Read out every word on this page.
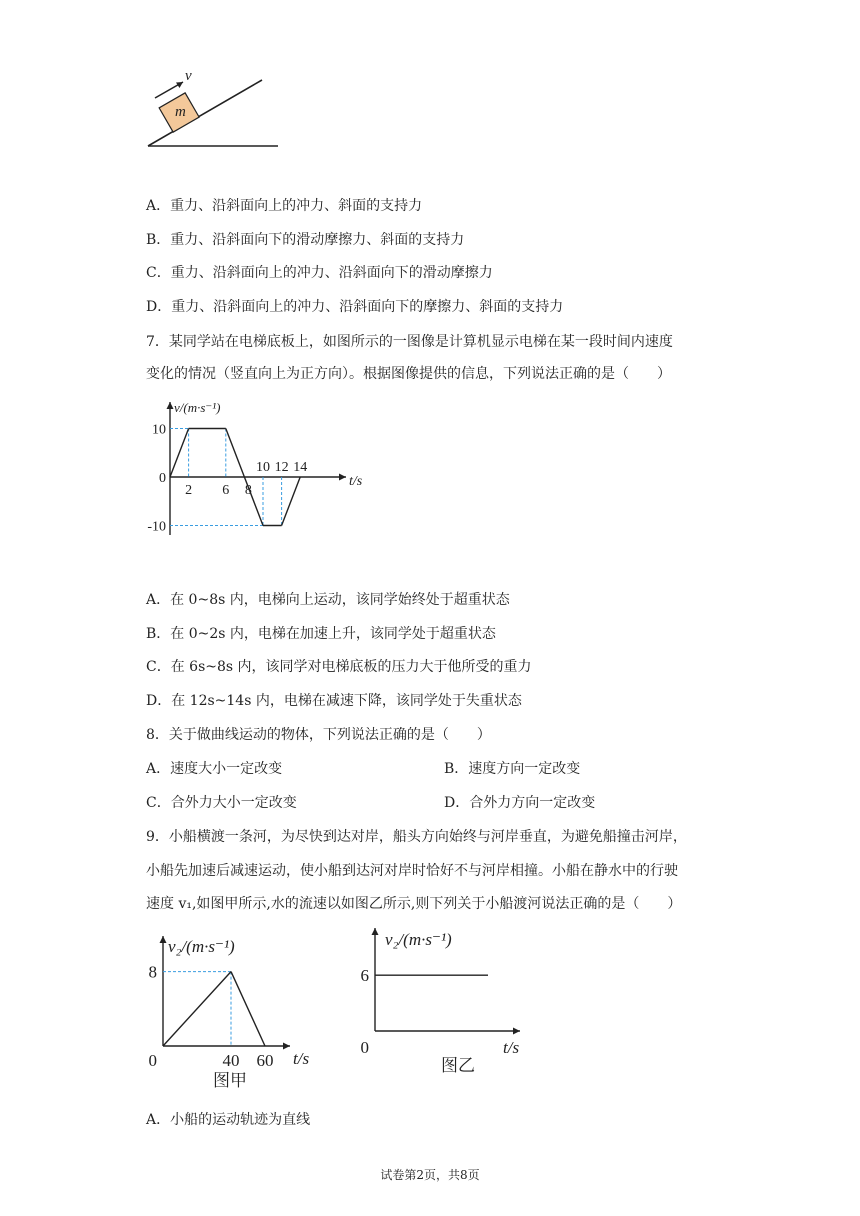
m
v
A．重力、沿斜面向上的冲力、斜面的支持力
B．重力、沿斜面向下的滑动摩擦力、斜面的支持力
C．重力、沿斜面向上的冲力、沿斜面向下的滑动摩擦力
D．重力、沿斜面向上的冲力、沿斜面向下的摩擦力、斜面的支持力
7．某同学站在电梯底板上，如图所示的一图像是计算机显示电梯在某一段时间内速度
变化的情况（竖直向上为正方向）。根据图像提供的信息，下列说法正确的是（　　）
2 6 8
10 12 14
10
0
-10
v/(m·s⁻¹)
t/s
A．在 0~8s 内，电梯向上运动，该同学始终处于超重状态
B．在 0~2s 内，电梯在加速上升，该同学处于超重状态
C．在 6s~8s 内，该同学对电梯底板的压力大于他所受的重力
D．在 12s~14s 内，电梯在减速下降，该同学处于失重状态
8．关于做曲线运动的物体，下列说法正确的是（　　）
A．速度大小一定改变	B．速度方向一定改变
C．合外力大小一定改变	D．合外力方向一定改变
9．小船横渡一条河，为尽快到达对岸，船头方向始终与河岸垂直，为避免船撞击河岸，
小船先加速后减速运动，使小船到达河对岸时恰好不与河岸相撞。小船在静水中的行驶
速度 v₁,如图甲所示,水的流速以如图乙所示,则下列关于小船渡河说法正确的是（　　）
40 60
8
0
v₂/(m·s⁻¹)
t/s
图甲
6
0
v₂/(m·s⁻¹)
t/s
图乙
A．小船的运动轨迹为直线
试卷第2页，共8页
